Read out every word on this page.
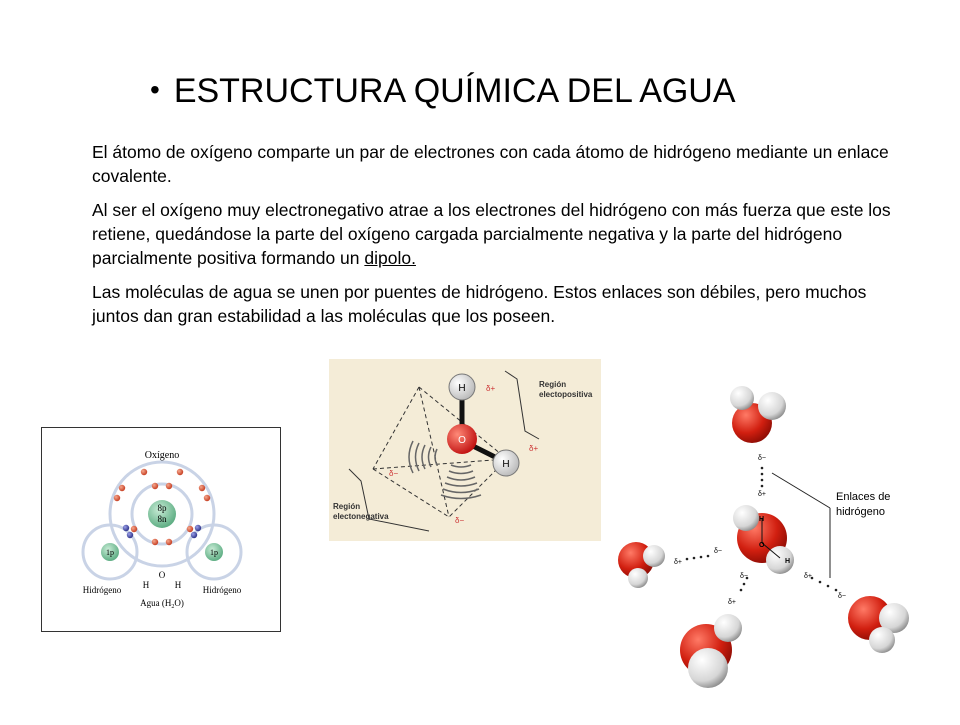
• ESTRUCTURA QUÍMICA DEL AGUA

El átomo de oxígeno comparte un par de electrones con cada átomo de hidrógeno mediante un enlace covalente.

Al ser el oxígeno muy electronegativo atrae a los electrones del hidrógeno con más fuerza que este los retiene, quedándose la parte del oxígeno cargada parcialmente negativa y la parte del hidrógeno parcialmente positiva formando un dipolo.

Las moléculas de agua se unen por puentes de hidrógeno. Estos enlaces son débiles, pero muchos juntos dan gran estabilidad a las moléculas que los poseen.

Oxígeno
8p
8n
1p	1p
O
H	H
Hidrógeno	Hidrógeno
Agua $(H_2O)$
H
O
H
δ+
δ+
δ−
δ−
Región
electopositiva
Región
electonegativa	H
O
H
δ−
δ+
δ+
δ−
δ−
δ+
δ+
δ−
Enlaces de
hidrógeno
